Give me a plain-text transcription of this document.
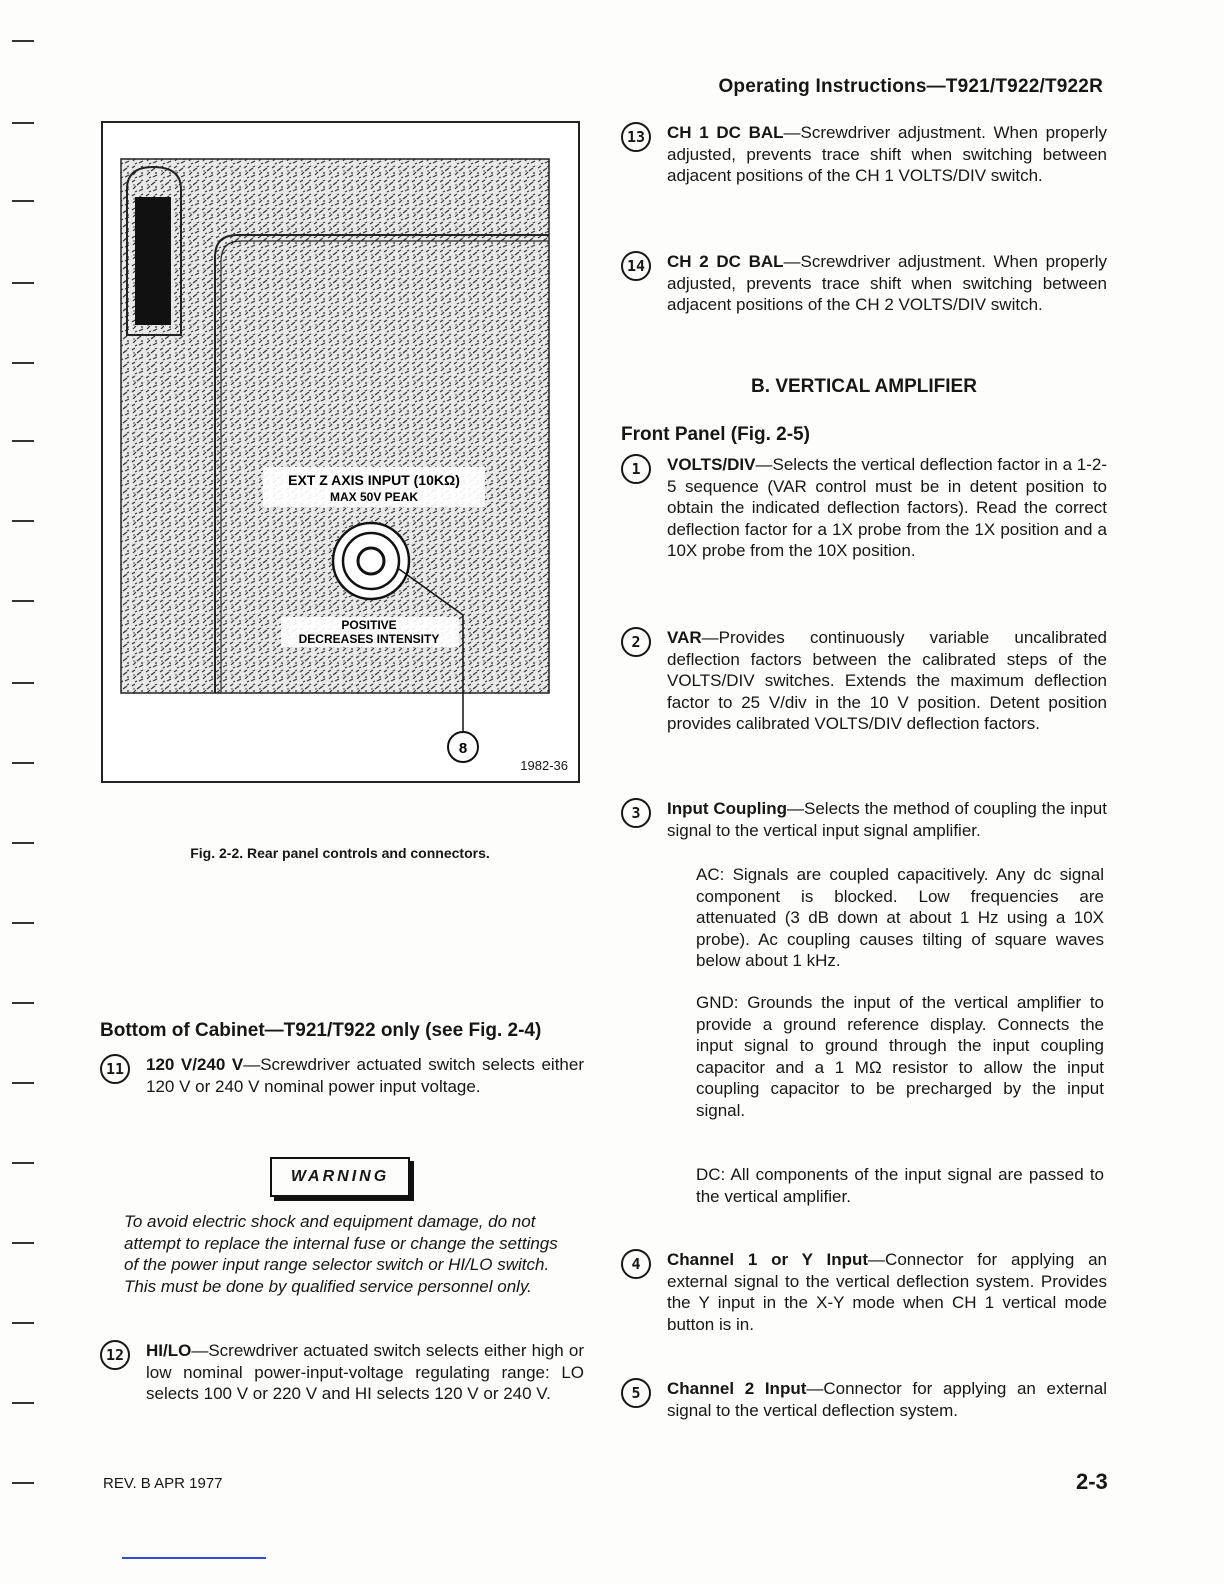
Operating Instructions—T921/T922/T922R
8
EXT Z AXIS INPUT (10KΩ)
MAX 50V PEAK
POSITIVE
DECREASES INTENSITY
1982-36
Fig. 2-2. Rear panel controls and connectors.
Bottom of Cabinet—T921/T922 only (see Fig. 2-4)
11	120 V/240 V—Screwdriver actuated switch selects either 120 V or 240 V nominal power input voltage.
WARNING
To avoid electric shock and equipment damage, do not attempt to replace the internal fuse or change the settings of the power input range selector switch or HI/LO switch. This must be done by qualified service personnel only.
12	HI/LO—Screwdriver actuated switch selects either high or low nominal power-input-voltage regulating range: LO selects 100 V or 220 V and HI selects 120 V or 240 V.
13	CH 1 DC BAL—Screwdriver adjustment. When properly adjusted, prevents trace shift when switching between adjacent positions of the CH 1 VOLTS/DIV switch.
14	CH 2 DC BAL—Screwdriver adjustment. When properly adjusted, prevents trace shift when switching between adjacent positions of the CH 2 VOLTS/DIV switch.
B. VERTICAL AMPLIFIER
Front Panel (Fig. 2-5)
1	VOLTS/DIV—Selects the vertical deflection factor in a 1-2-5 sequence (VAR control must be in detent position to obtain the indicated deflection factors). Read the correct deflection factor for a 1X probe from the 1X position and a 10X probe from the 10X position.
2	VAR—Provides continuously variable uncalibrated deflection factors between the calibrated steps of the VOLTS/DIV switches. Extends the maximum deflection factor to 25 V/div in the 10 V position. Detent position provides calibrated VOLTS/DIV deflection factors.
3	Input Coupling—Selects the method of coupling the input signal to the vertical input signal amplifier.
AC: Signals are coupled capacitively. Any dc signal component is blocked. Low frequencies are attenuated (3 dB down at about 1 Hz using a 10X probe). Ac coupling causes tilting of square waves below about 1 kHz.
GND: Grounds the input of the vertical amplifier to provide a ground reference display. Connects the input signal to ground through the input coupling capacitor and a 1 MΩ resistor to allow the input coupling capacitor to be precharged by the input signal.
DC: All components of the input signal are passed to the vertical amplifier.
4	Channel 1 or Y Input—Connector for applying an external signal to the vertical deflection system. Provides the Y input in the X-Y mode when CH 1 vertical mode button is in.
5	Channel 2 Input—Connector for applying an external signal to the vertical deflection system.
REV. B APR 1977	2-3
